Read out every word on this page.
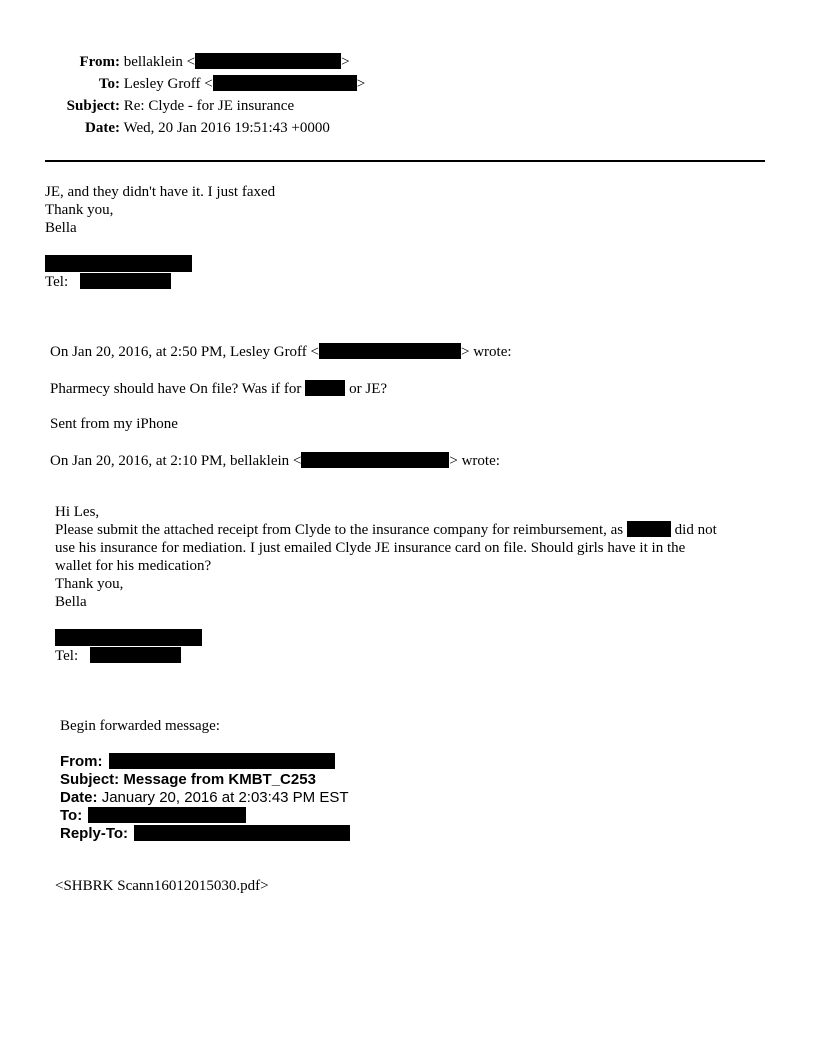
From: bellaklein <	>
To: Lesley Groff <	>
Subject: Re: Clyde - for JE insurance
Date: Wed, 20 Jan 2016 19:51:43 +0000
JE, and they didn't have it. I just faxed
Thank you,
Bella
Tel:
On Jan 20, 2016, at 2:50 PM, Lesley Groff <	> wrote:
Pharmecy should have On file? Was if for	or JE?
Sent from my iPhone
On Jan 20, 2016, at 2:10 PM, bellaklein <	> wrote:
Hi Les,
Please submit the attached receipt from Clyde to the insurance company for reimbursement, as	did not
use his insurance for mediation. I just emailed Clyde JE insurance card on file. Should girls have it in the
wallet for his medication?
Thank you,
Bella
Tel:
Begin forwarded message:
From:
Subject: Message from KMBT_C253
Date: January 20, 2016 at 2:03:43 PM EST
To:
Reply-To:
<SHBRK Scann16012015030.pdf>
